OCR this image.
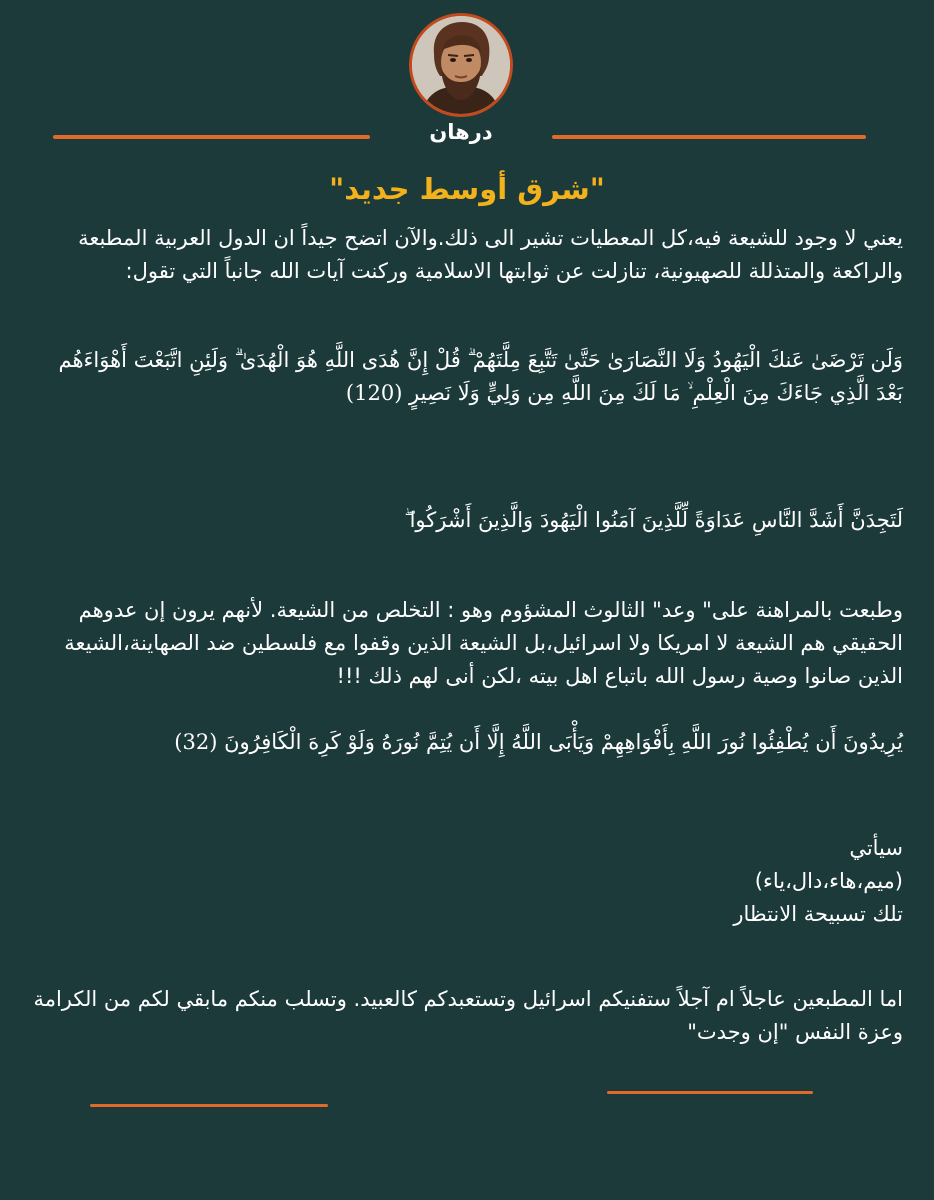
درهان
"شرق أوسط جديد"

يعني لا وجود للشيعة فيه،كل المعطيات تشير الى ذلك.والآن اتضح جيداً ان الدول العربية المطبعة والراكعة والمتذللة للصهيونية، تنازلت عن ثوابتها الاسلامية وركنت آيات الله جانباً التي تقول:

وَلَن تَرْضَىٰ عَنكَ الْيَهُودُ وَلَا النَّصَارَىٰ حَتَّىٰ تَتَّبِعَ مِلَّتَهُمْ ۗ قُلْ إِنَّ هُدَى اللَّهِ هُوَ الْهُدَىٰ ۗ وَلَئِنِ اتَّبَعْتَ أَهْوَاءَهُم بَعْدَ الَّذِي جَاءَكَ مِنَ الْعِلْمِ ۙ مَا لَكَ مِنَ اللَّهِ مِن وَلِيٍّ وَلَا نَصِيرٍ (120)

لَتَجِدَنَّ أَشَدَّ النَّاسِ عَدَاوَةً لِّلَّذِينَ آمَنُوا الْيَهُودَ وَالَّذِينَ أَشْرَكُوا ۖ

وطبعت بالمراهنة على" وعد" الثالوث المشؤوم وهو : التخلص من الشيعة. لأنهم يرون إن عدوهم الحقيقي هم الشيعة لا امريكا ولا اسرائيل،بل الشيعة الذين وقفوا مع فلسطين ضد الصهاينة،الشيعة الذين صانوا وصية رسول الله باتباع اهل بيته ،لكن أنى لهم ذلك !!!

يُرِيدُونَ أَن يُطْفِئُوا نُورَ اللَّهِ بِأَفْوَاهِهِمْ وَيَأْبَى اللَّهُ إِلَّا أَن يُتِمَّ نُورَهُ وَلَوْ كَرِهَ الْكَافِرُونَ (32)

سيأتي
(ميم،هاء،دال،ياء)
تلك تسبيحة الانتظار

اما المطبعين عاجلاً ام آجلاً ستفنيكم اسرائيل وتستعبدكم كالعبيد. وتسلب منكم مابقي لكم من الكرامة وعزة النفس "إن وجدت"
